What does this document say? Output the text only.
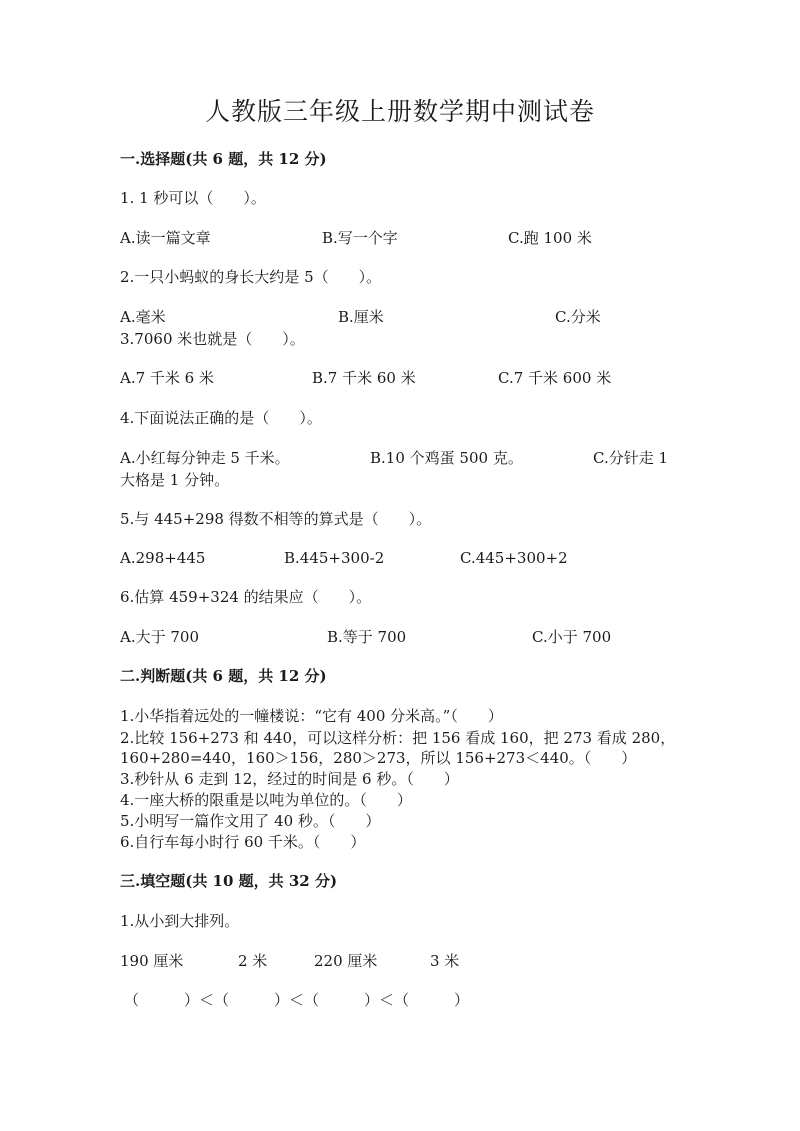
人教版三年级上册数学期中测试卷
一.选择题(共 6 题，共 12 分)
1. 1 秒可以（　　）。
A.读一篇文章	B.写一个字	C.跑 100 米
2.一只小蚂蚁的身长大约是 5（　　）。
A.毫米	B.厘米	C.分米
3.7060 米也就是（　　）。
A.7 千米 6 米	B.7 千米 60 米	C.7 千米 600 米
4.下面说法正确的是（　　）。
A.小红每分钟走 5 千米。	B.10 个鸡蛋 500 克。	C.分针走 1
大格是 1 分钟。
5.与 445+298 得数不相等的算式是（　　）。
A.298+445	B.445+300-2	C.445+300+2
6.估算 459+324 的结果应（　　）。
A.大于 700	B.等于 700	C.小于 700
二.判断题(共 6 题，共 12 分)
1.小华指着远处的一幢楼说：“它有 400 分米高。”（　　）
2.比较 156+273 和 440，可以这样分析：把 156 看成 160，把 273 看成 280，
160+280=440，160＞156，280＞273，所以 156+273＜440。（　　）
3.秒针从 6 走到 12，经过的时间是 6 秒。（　　）
4.一座大桥的限重是以吨为单位的。（　　）
5.小明写一篇作文用了 40 秒。（　　）
6.自行车每小时行 60 千米。（　　）
三.填空题(共 10 题，共 32 分)
1.从小到大排列。
190 厘米	2 米	220 厘米	3 米
（　　　）＜（　　　）＜（　　　）＜（　　　）
